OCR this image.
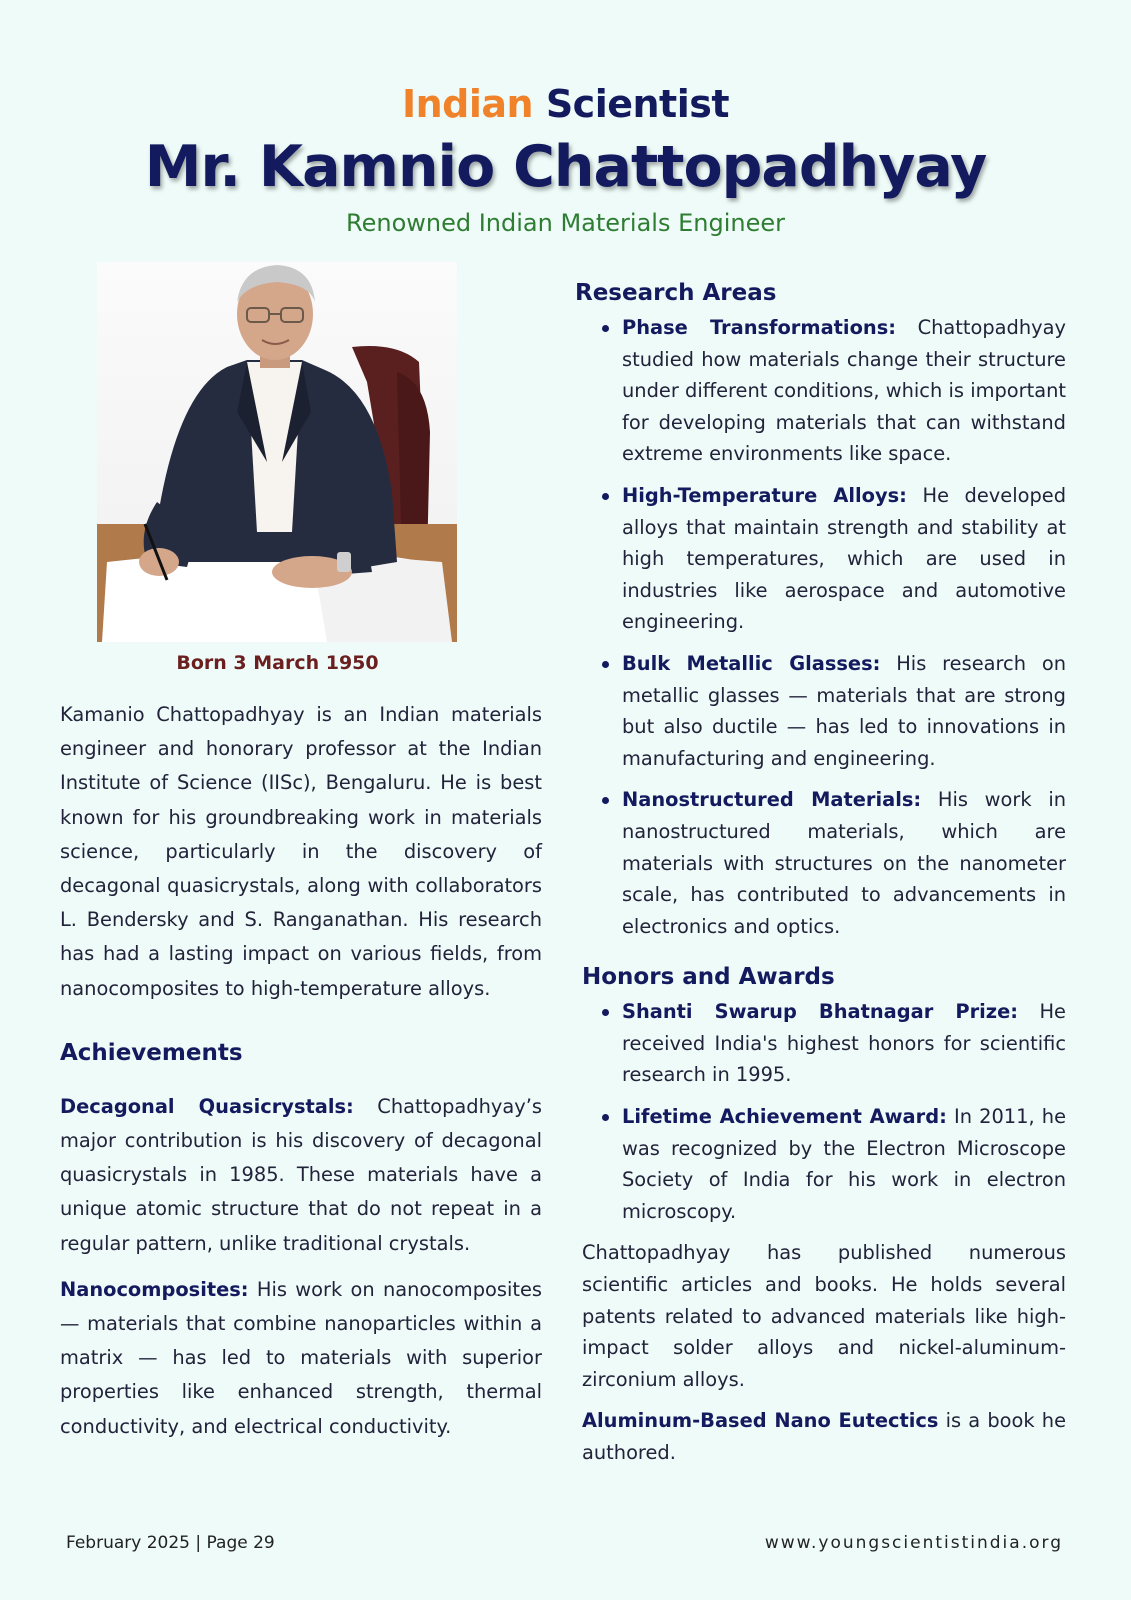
Indian Scientist
Mr. Kamnio Chattopadhyay
Renowned Indian Materials Engineer
Born 3 March 1950

Kamanio Chattopadhyay is an Indian materials engineer and honorary professor at the Indian Institute of Science (IISc), Bengaluru. He is best known for his groundbreaking work in materials science, particularly in the discovery of decagonal quasicrystals, along with collaborators L. Bendersky and S. Ranganathan. His research has had a lasting impact on various fields, from nanocomposites to high-temperature alloys.

Achievements

Decagonal Quasicrystals: Chattopadhyay’s major contribution is his discovery of decagonal quasicrystals in 1985. These materials have a unique atomic structure that do not repeat in a regular pattern, unlike traditional crystals.

Nanocomposites: His work on nanocomposites — materials that combine nanoparticles within a matrix — has led to materials with superior properties like enhanced strength, thermal conductivity, and electrical conductivity.

Research Areas
Phase Transformations: Chattopadhyay studied how materials change their structure under different conditions, which is important for developing materials that can withstand extreme environments like space.
High-Temperature Alloys: He developed alloys that maintain strength and stability at high temperatures, which are used in industries like aerospace and automotive engineering.
Bulk Metallic Glasses: His research on metallic glasses — materials that are strong but also ductile — has led to innovations in manufacturing and engineering.
Nanostructured Materials: His work in nanostructured materials, which are materials with structures on the nanometer scale, has contributed to advancements in electronics and optics.
Honors and Awards
Shanti Swarup Bhatnagar Prize: He received India's highest honors for scientific research in 1995.
Lifetime Achievement Award: In 2011, he was recognized by the Electron Microscope Society of India for his work in electron microscopy.

Chattopadhyay has published numerous scientific articles and books. He holds several patents related to advanced materials like high-impact solder alloys and nickel-aluminum-zirconium alloys.

Aluminum-Based Nano Eutectics is a book he authored.

February 2025 | Page 29	www.youngscientistindia.org
